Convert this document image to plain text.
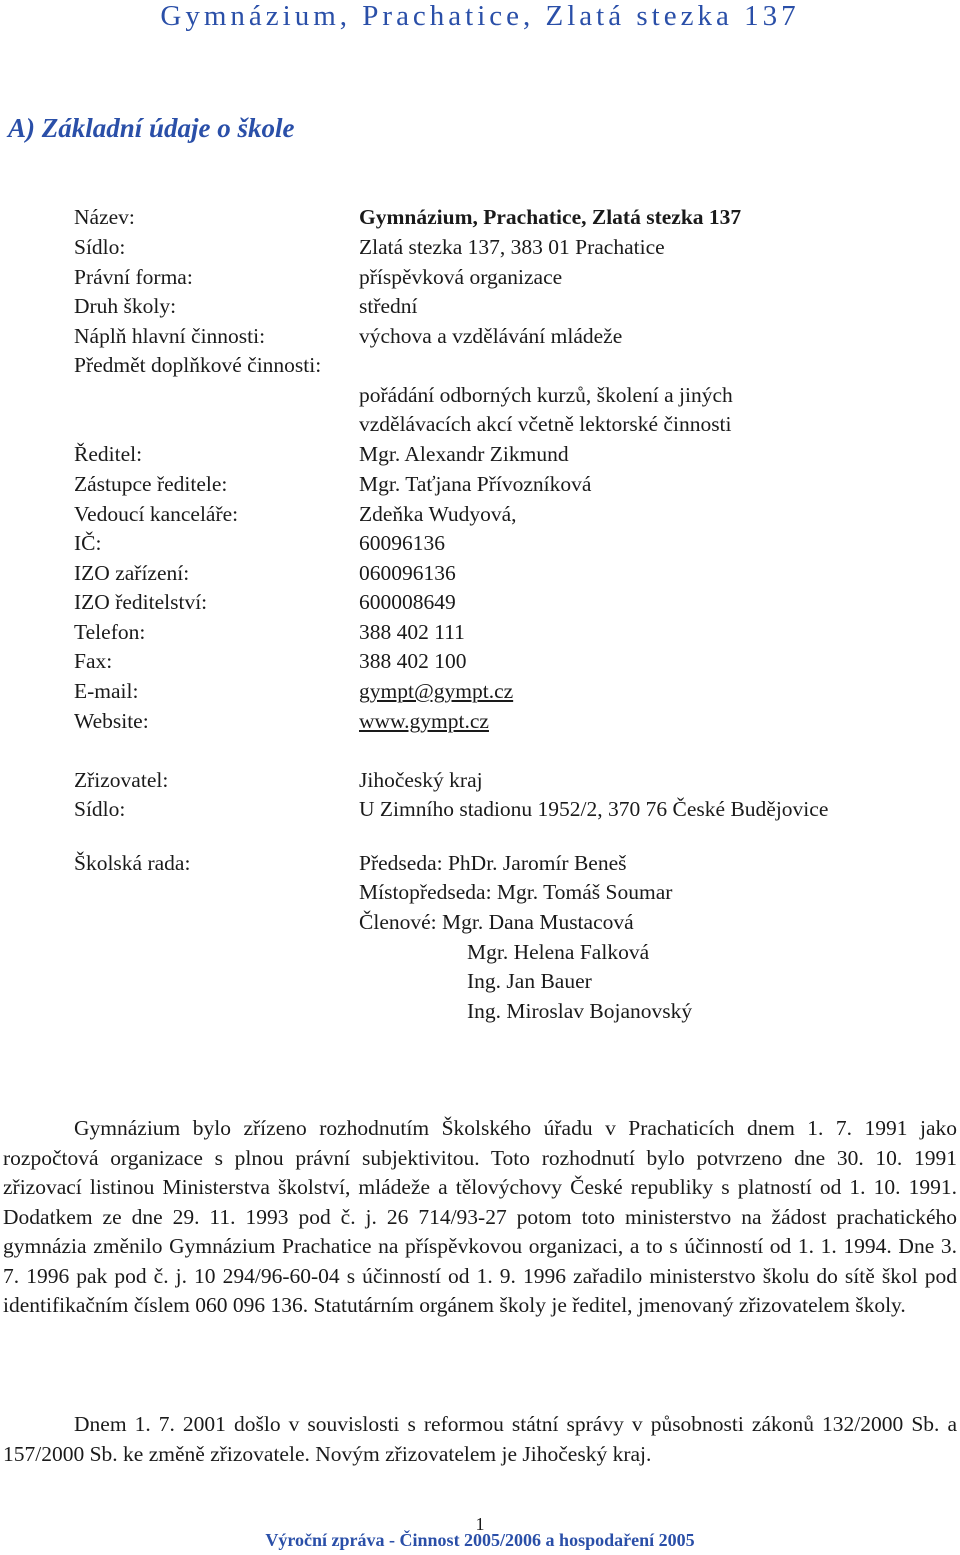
Gymnázium, Prachatice, Zlatá stezka 137
A) Základní údaje o škole
Název:	Gymnázium, Prachatice, Zlatá stezka 137
Sídlo:	Zlatá stezka 137, 383 01 Prachatice
Právní forma:	příspěvková organizace
Druh školy:	střední
Náplň hlavní činnosti:	výchova a vzdělávání mládeže
Předmět doplňkové činnosti:
pořádání odborných kurzů, školení a jiných
vzdělávacích akcí včetně lektorské činnosti
Ředitel:	Mgr. Alexandr Zikmund
Zástupce ředitele:	Mgr. Taťjana Přívozníková
Vedoucí kanceláře:	Zdeňka Wudyová,
IČ:	60096136
IZO zařízení:	060096136
IZO ředitelství:	600008649
Telefon:	388 402 111
Fax:	388 402 100
E-mail:	gympt@gympt.cz
Website:	www.gympt.cz
Zřizovatel:	Jihočeský kraj
Sídlo:	U Zimního stadionu 1952/2, 370 76 České Budějovice
Školská rada:	Předseda: PhDr. Jaromír Beneš
Místopředseda: Mgr. Tomáš Soumar
Členové: Mgr. Dana Mustacová
Mgr. Helena Falková
Ing. Jan Bauer
Ing. Miroslav Bojanovský

Gymnázium bylo zřízeno rozhodnutím Školského úřadu v Prachaticích dnem 1. 7. 1991 jako rozpočtová organizace s plnou právní subjektivitou. Toto rozhodnutí bylo potvrzeno dne 30. 10. 1991 zřizovací listinou Ministerstva školství, mládeže a tělovýchovy České republiky s platností od 1. 10. 1991. Dodatkem ze dne 29. 11. 1993 pod č. j. 26 714/93-27 potom toto ministerstvo na žádost prachatického gymnázia změnilo Gymnázium Prachatice na příspěvkovou organizaci, a to s účinností od 1. 1. 1994. Dne 3. 7. 1996 pak pod č. j. 10 294/96-60-04 s účinností od 1. 9. 1996 zařadilo ministerstvo školu do sítě škol pod identifikačním číslem 060 096 136. Statutárním orgánem školy je ředitel, jmenovaný zřizovatelem školy.

Dnem 1. 7. 2001 došlo v souvislosti s reformou státní správy v působnosti zákonů 132/2000 Sb. a 157/2000 Sb. ke změně zřizovatele. Novým zřizovatelem je Jihočeský kraj.

1
Výroční zpráva - Činnost 2005/2006 a hospodaření 2005
